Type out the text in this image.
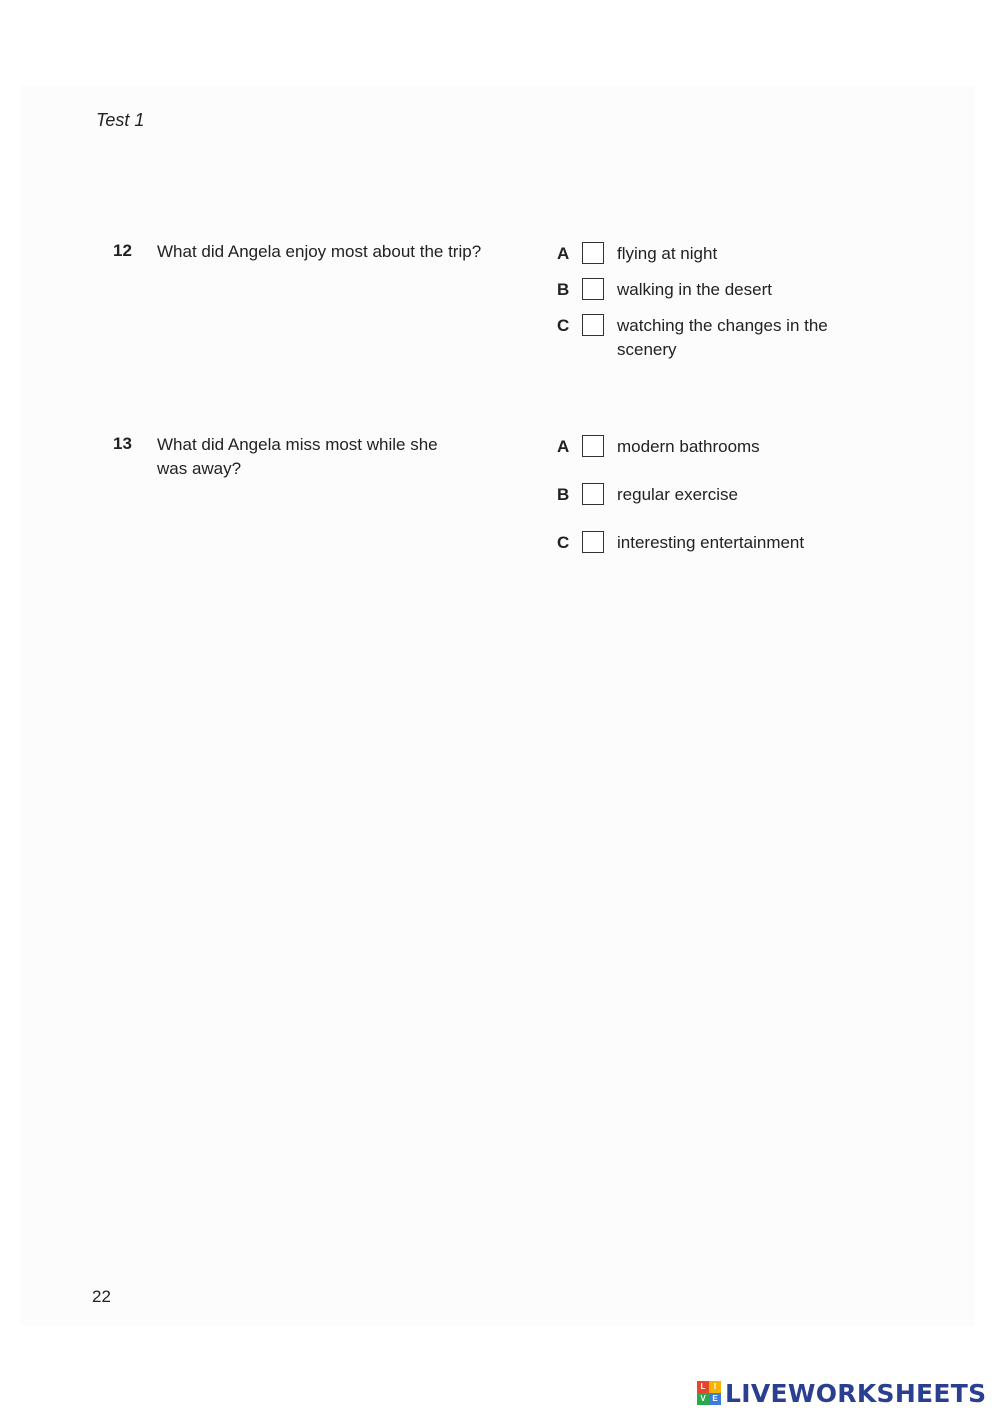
Test 1
12 What did Angela enjoy most about the trip?	A	flying at night
B	walking in the desert
C	watching the changes in the scenery
13 What did Angela miss most while she was away?
A	modern bathrooms
B	regular exercise
C	interesting entertainment
22
L	I
V E LIVEWORKSHEETS
